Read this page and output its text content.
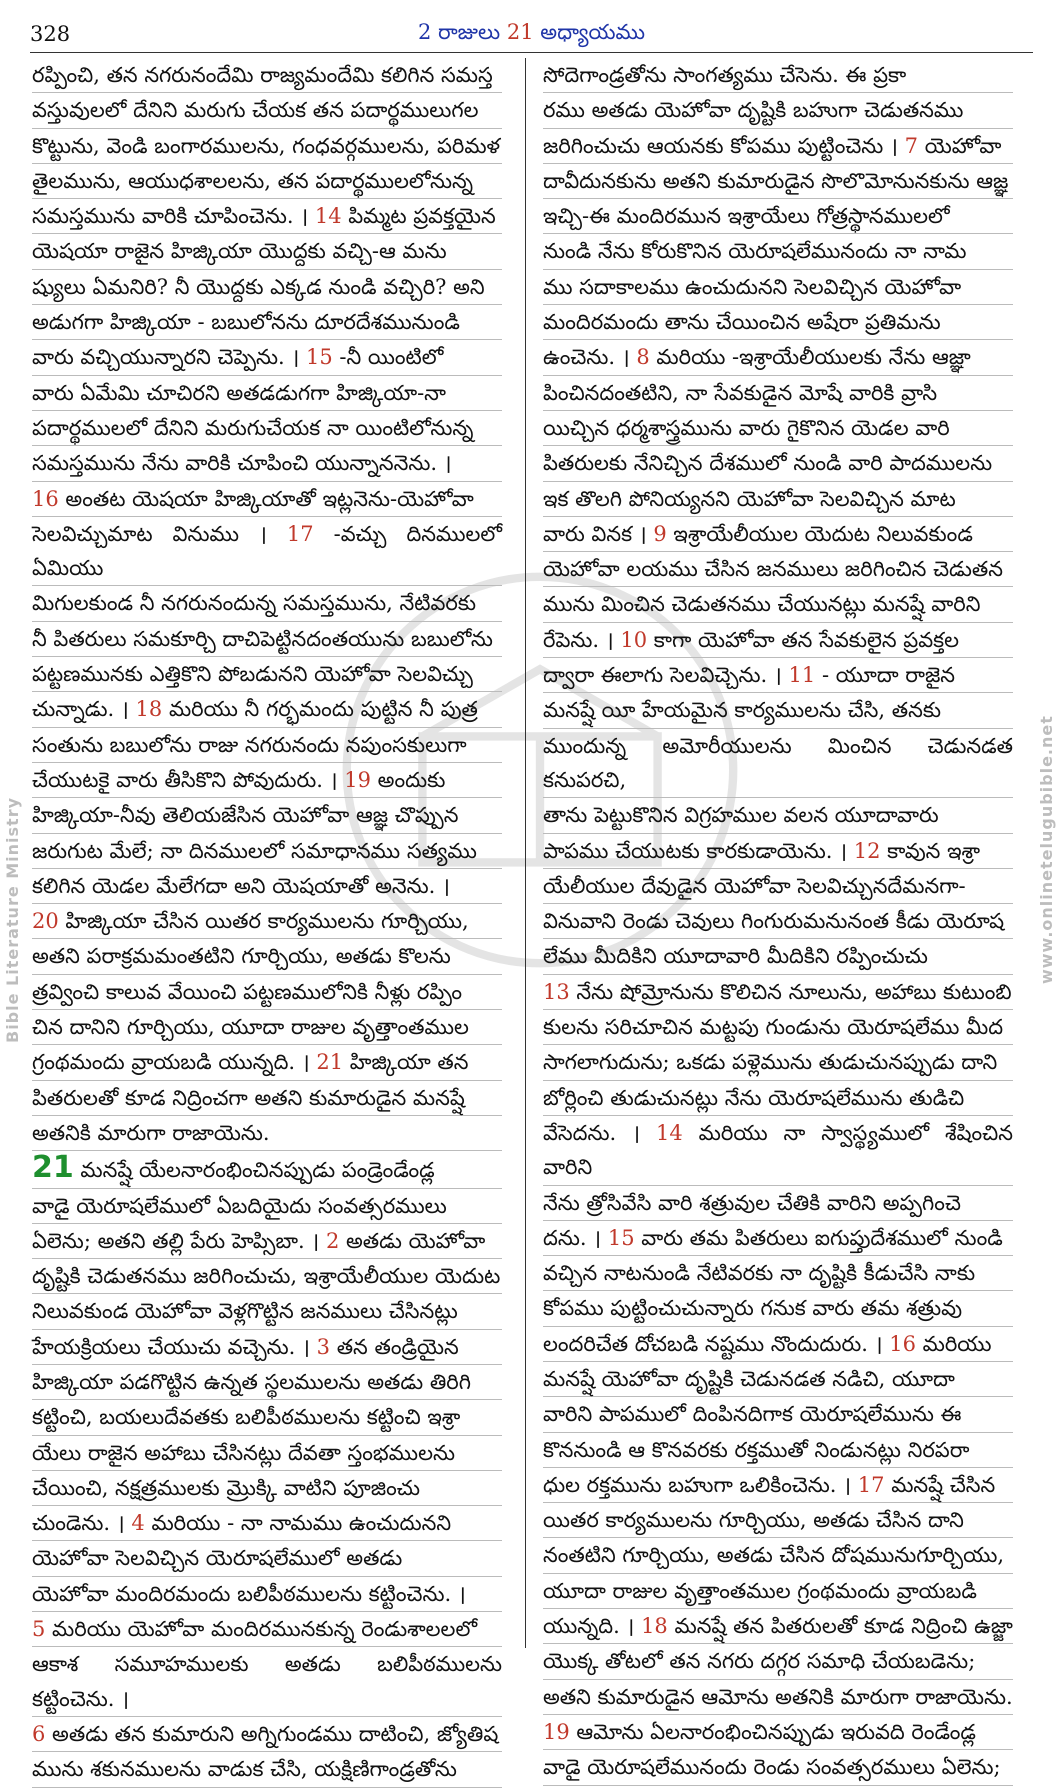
328	2 రాజులు 21 అధ్యాయము
రప్పించి, తన నగరునందేమి రాజ్యమందేమి కలిగిన సమస్త
వస్తువులలో దేనిని మరుగు చేయక తన పదార్థములుగల
కొట్టును, వెండి బంగారములను, గంధవర్గములను, పరిమళ
తైలమును, ఆయుధశాలలను, తన పదార్థములలోనున్న
సమస్తమును వారికి చూపించెను. । 14 పిమ్మట ప్రవక్తయైన
యెషయా రాజైన హిజ్కియా యొద్దకు వచ్చి-ఆ మను
ష్యులు ఏమనిరి? నీ యొద్దకు ఎక్కడ నుండి వచ్చిరి? అని
అడుగగా హిజ్కియా - బబులోనను దూరదేశమునుండి
వారు వచ్చియున్నారని చెప్పెను. । 15 -నీ యింటిలో
వారు ఏమేమి చూచిరని అతడడుగగా హిజ్కియా-నా
పదార్థములలో దేనిని మరుగుచేయక నా యింటిలోనున్న
సమస్తమును నేను వారికి చూపించి యున్నాననెను. ।
16 అంతట యెషయా హిజ్కియాతో ఇట్లనెను-యెహోవా
సెలవిచ్చుమాట వినుము । 17 -వచ్చు దినములలో ఏమియు
మిగులకుండ నీ నగరునందున్న సమస్తమును, నేటివరకు
నీ పితరులు సమకూర్చి దాచిపెట్టినదంతయును బబులోను
పట్టణమునకు ఎత్తికొని పోబడునని యెహోవా సెలవిచ్చు
చున్నాడు. । 18 మరియు నీ గర్భమందు పుట్టిన నీ పుత్ర
సంతును బబులోను రాజు నగరునందు నపుంసకులుగా
చేయుటకై వారు తీసికొని పోవుదురు. । 19 అందుకు
హిజ్కియా-నీవు తెలియజేసిన యెహోవా ఆజ్ఞ చొప్పున
జరుగుట మేలే; నా దినములలో సమాధానము సత్యము
కలిగిన యెడల మేలేగదా అని యెషయాతో అనెను. ।
20 హిజ్కియా చేసిన యితర కార్యములను గూర్చియు,
అతని పరాక్రమమంతటిని గూర్చియు, అతడు కొలను
త్రవ్వించి కాలువ వేయించి పట్టణములోనికి నీళ్లు రప్పిం
చిన దానిని గూర్చియు, యూదా రాజుల వృత్తాంతముల
గ్రంథమందు వ్రాయబడి యున్నది. । 21 హిజ్కియా తన
పితరులతో కూడ నిద్రించగా అతని కుమారుడైన మనష్షే
అతనికి మారుగా రాజాయెను.
21 మనష్షే యేలనారంభించినప్పుడు పండ్రెండేండ్ల
వాడై యెరూషలేములో ఏబదియైదు సంవత్సరములు
ఏలెను; అతని తల్లి పేరు హెప్సిబా. । 2 అతడు యెహోవా
దృష్టికి చెడుతనము జరిగించుచు, ఇశ్రాయేలీయుల యెదుట
నిలువకుండ యెహోవా వెళ్లగొట్టిన జనములు చేసినట్లు
హేయక్రియలు చేయుచు వచ్చెను. । 3 తన తండ్రియైన
హిజ్కియా పడగొట్టిన ఉన్నత స్థలములను అతడు తిరిగి
కట్టించి, బయలుదేవతకు బలిపీఠములను కట్టించి ఇశ్రా
యేలు రాజైన అహాబు చేసినట్లు దేవతా స్తంభములను
చేయించి, నక్షత్రములకు మ్రొక్కి వాటిని పూజించు
చుండెను. । 4 మరియు - నా నామము ఉంచుదునని
యెహోవా సెలవిచ్చిన యెరూషలేములో అతడు
యెహోవా మందిరమందు బలిపీఠములను కట్టించెను. ।
5 మరియు యెహోవా మందిరమునకున్న రెండుశాలలలో
ఆకాశ సమూహములకు అతడు బలిపీఠములను కట్టించెను. ।
6 అతడు తన కుమారుని అగ్నిగుండము దాటించి, జ్యోతిష
మును శకునములను వాడుక చేసి, యక్షిణిగాండ్రతోను
సోదెగాండ్రతోను సాంగత్యము చేసెను. ఈ ప్రకా
రము అతడు యెహోవా దృష్టికి బహుగా చెడుతనము
జరిగించుచు ఆయనకు కోపము పుట్టించెను । 7 యెహోవా
దావీదునకును అతని కుమారుడైన సొలొమోనునకును ఆజ్ఞ
ఇచ్చి-ఈ మందిరమున ఇశ్రాయేలు గోత్రస్థానములలో
నుండి నేను కోరుకొనిన యెరూషలేమునందు నా నామ
ము సదాకాలము ఉంచుదునని సెలవిచ్చిన యెహోవా
మందిరమందు తాను చేయించిన అషేరా ప్రతిమను
ఉంచెను. । 8 మరియు -ఇశ్రాయేలీయులకు నేను ఆజ్ఞా
పించినదంతటిని, నా సేవకుడైన మోషే వారికి వ్రాసి
యిచ్చిన ధర్మశాస్త్రమును వారు గైకొనిన యెడల వారి
పితరులకు నేనిచ్చిన దేశములో నుండి వారి పాదములను
ఇక తొలగి పోనియ్యనని యెహోవా సెలవిచ్చిన మాట
వారు వినక । 9 ఇశ్రాయేలీయుల యెదుట నిలువకుండ
యెహోవా లయము చేసిన జనములు జరిగించిన చెడుతన
మును మించిన చెడుతనము చేయునట్లు మనష్షే వారిని
రేపెను. । 10 కాగా యెహోవా తన సేవకులైన ప్రవక్తల
ద్వారా ఈలాగు సెలవిచ్చెను. । 11 - యూదా రాజైన
మనష్షే యీ హేయమైన కార్యములను చేసి, తనకు
ముందున్న అమోరీయులను మించిన చెడునడత కనుపరచి,
తాను పెట్టుకొనిన విగ్రహముల వలన యూదావారు
పాపము చేయుటకు కారకుడాయెను. । 12 కావున ఇశ్రా
యేలీయుల దేవుడైన యెహోవా సెలవిచ్చునదేమనగా-
వినువాని రెండు చెవులు గింగురుమనునంత కీడు యెరూష
లేము మీదికిని యూదావారి మీదికిని రప్పించుచు
13 నేను షోమ్రోనును కొలిచిన నూలును, అహాబు కుటుంబి
కులను సరిచూచిన మట్టపు గుండును యెరూషలేము మీద
సాగలాగుదును; ఒకడు పళ్లెమును తుడుచునప్పుడు దాని
బోర్లించి తుడుచునట్లు నేను యెరూషలేమును తుడిచి
వేసెదను. । 14 మరియు నా స్వాస్థ్యములో శేషించిన వారిని
నేను త్రోసివేసి వారి శత్రువుల చేతికి వారిని అప్పగించె
దను. । 15 వారు తమ పితరులు ఐగుప్తుదేశములో నుండి
వచ్చిన నాటనుండి నేటివరకు నా దృష్టికి కీడుచేసి నాకు
కోపము పుట్టించుచున్నారు గనుక వారు తమ శత్రువు
లందరిచేత దోచబడి నష్టము నొందుదురు. । 16 మరియు
మనష్షే యెహోవా దృష్టికి చెడునడత నడిచి, యూదా
వారిని పాపములో దింపినదిగాక యెరూషలేమును ఈ
కొననుండి ఆ కొనవరకు రక్తముతో నిండునట్లు నిరపరా
ధుల రక్తమును బహుగా ఒలికించెను. । 17 మనష్షే చేసిన
యితర కార్యములను గూర్చియు, అతడు చేసిన దాని
నంతటిని గూర్చియు, అతడు చేసిన దోషమునుగూర్చియు,
యూదా రాజుల వృత్తాంతముల గ్రంథమందు వ్రాయబడి
యున్నది. । 18 మనష్షే తన పితరులతో కూడ నిద్రించి ఉజ్జా
యొక్క తోటలో తన నగరు దగ్గర సమాధి చేయబడెను;
అతని కుమారుడైన ఆమోను అతనికి మారుగా రాజాయెను.
19 ఆమోను ఏలనారంభించినప్పుడు ఇరువది రెండేండ్ల
వాడై యెరూషలేమునందు రెండు సంవత్సరములు ఏలెను;
Bible Literature Ministry	www.onlinetelugubible.net
